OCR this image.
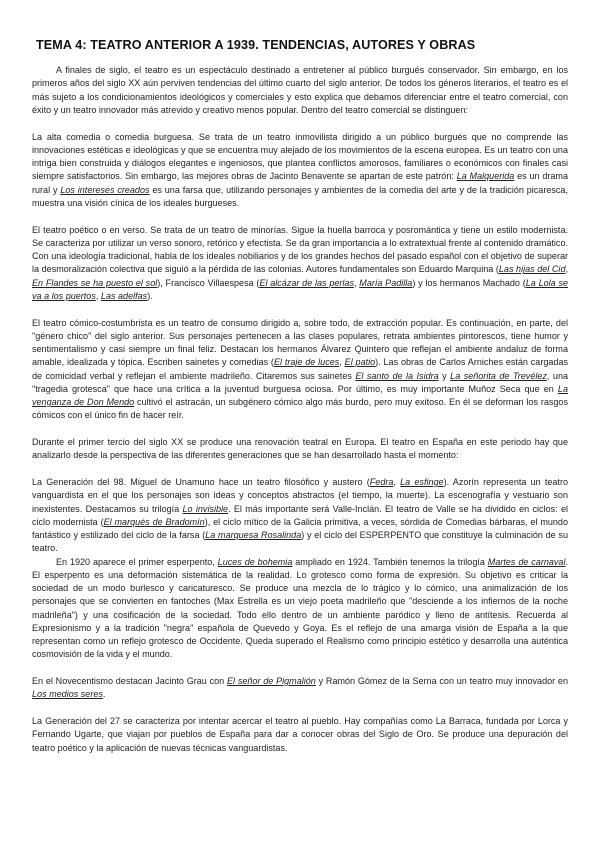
TEMA 4: TEATRO ANTERIOR A 1939. TENDENCIAS, AUTORES Y OBRAS

A finales de siglo, el teatro es un espectáculo destinado a entretener al público burgués conservador. Sin embargo, en los primeros años del siglo XX aún perviven tendencias del último cuarto del siglo anterior. De todos los géneros literarios, el teatro es el más sujeto a los condicionamientos ideológicos y comerciales y esto explica que debamos diferenciar entre el teatro comercial, con éxito y un teatro innovador más atrevido y creativo menos popular. Dentro del teatro comercial se distinguen:

La alta comedia o comedia burguesa. Se trata de un teatro inmovilista dirigido a un público burgués que no comprende las innovaciones estéticas e ideológicas y que se encuentra muy alejado de los movimientos de la escena europea. Es un teatro con una intriga bien construida y diálogos elegantes e ingeniosos, que plantea conflictos amorosos, familiares o económicos con finales casi siempre satisfactorios. Sin embargo, las mejores obras de Jacinto Benavente se apartan de este patrón: La Malquerida es un drama rural y Los intereses creados es una farsa que, utilizando personajes y ambientes de la comedia del arte y de la tradición picaresca, muestra una visión cínica de los ideales burgueses.

El teatro poético o en verso. Se trata de un teatro de minorías. Sigue la huella barroca y posromántica y tiene un estilo modernista. Se caracteriza por utilizar un verso sonoro, retórico y efectista. Se da gran importancia a lo extratextual frente al contenido dramático. Con una ideología tradicional, habla de los ideales nobiliarios y de los grandes hechos del pasado español con el objetivo de superar la desmoralización colectiva que siguió a la pérdida de las colonias. Autores fundamentales son Eduardo Marquina (Las hijas del Cid, En Flandes se ha puesto el sol), Francisco Villaespesa (El alcázar de las perlas, María Padilla) y los hermanos Machado (La Lola se va a los puertos, Las adelfas).

El teatro cómico-costumbrista es un teatro de consumo dirigido a, sobre todo, de extracción popular. Es continuación, en parte, del "género chico" del siglo anterior. Sus personajes pertenecen a las clases populares, retrata ambientes pintorescos, tiene humor y sentimentalismo y casi siempre un final feliz. Destacan los hermanos Álvarez Quintero que reflejan el ambiente andaluz de forma amable, idealizada y tópica. Escriben sainetes y comedias (El traje de luces, El patio). Las obras de Carlos Arniches están cargadas de comicidad verbal y reflejan el ambiente madrileño. Citaremos sus sainetes El santo de la Isidra y La señorita de Trevélez, una "tragedia grotesca" que hace una crítica a la juventud burguesa ociosa. Por último, es muy importante Muñoz Seca que en La venganza de Don Mendo cultivó el astracán, un subgénero cómico algo más burdo, pero muy exitoso. En él se deforman los rasgos cómicos con el único fin de hacer reír.

Durante el primer tercio del siglo XX se produce una renovación teatral en Europa. El teatro en España en este periodo hay que analizarlo desde la perspectiva de las diferentes generaciones que se han desarrollado hasta el momento:

La Generación del 98. Miguel de Unamuno hace un teatro filosófico y austero (Fedra, La esfinge). Azorín representa un teatro vanguardista en el que los personajes son ideas y conceptos abstractos (el tiempo, la muerte). La escenografía y vestuario son inexistentes. Destacamos su trilogía Lo invisible. El más importante será Valle-Inclán. El teatro de Valle se ha dividido en ciclos: el ciclo modernista (El marqués de Bradomín), el ciclo mítico de la Galicia primitiva, a veces, sórdida de Comedias bárbaras, el mundo fantástico y estilizado del ciclo de la farsa (La marquesa Rosalinda) y el ciclo del ESPERPENTO que constituye la culminación de su teatro.

En 1920 aparece el primer esperpento, Luces de bohemia ampliado en 1924. También tenemos la trilogía Martes de carnaval. El esperpento es una deformación sistemática de la realidad. Lo grotesco como forma de expresión. Su objetivo es criticar la sociedad de un modo burlesco y caricaturesco. Se produce una mezcla de lo trágico y lo cómico, una animalización de los personajes que se convierten en fantoches (Max Estrella es un viejo poeta madrileño que "desciende a los infiernos de la noche madrileña") y una cosificación de la sociedad. Todo ello dentro de un ambiente paródico y lleno de antítesis. Recuerda al Expresionismo y a la tradición "negra" española de Quevedo y Goya. Es el reflejo de una amarga visión de España a la que representan como un reflejo grotesco de Occidente. Queda superado el Realismo como principio estético y desarrolla una auténtica cosmovisión de la vida y el mundo.

En el Novecentismo destacan Jacinto Grau con El señor de Pigmalión y Ramón Gómez de la Serna con un teatro muy innovador en Los medios seres.

La Generación del 27 se caracteriza por intentar acercar el teatro al pueblo. Hay compañías como La Barraca, fundada por Lorca y Fernando Ugarte, que viajan por pueblos de España para dar a conocer obras del Siglo de Oro. Se produce una depuración del teatro poético y la aplicación de nuevas técnicas vanguardistas.
